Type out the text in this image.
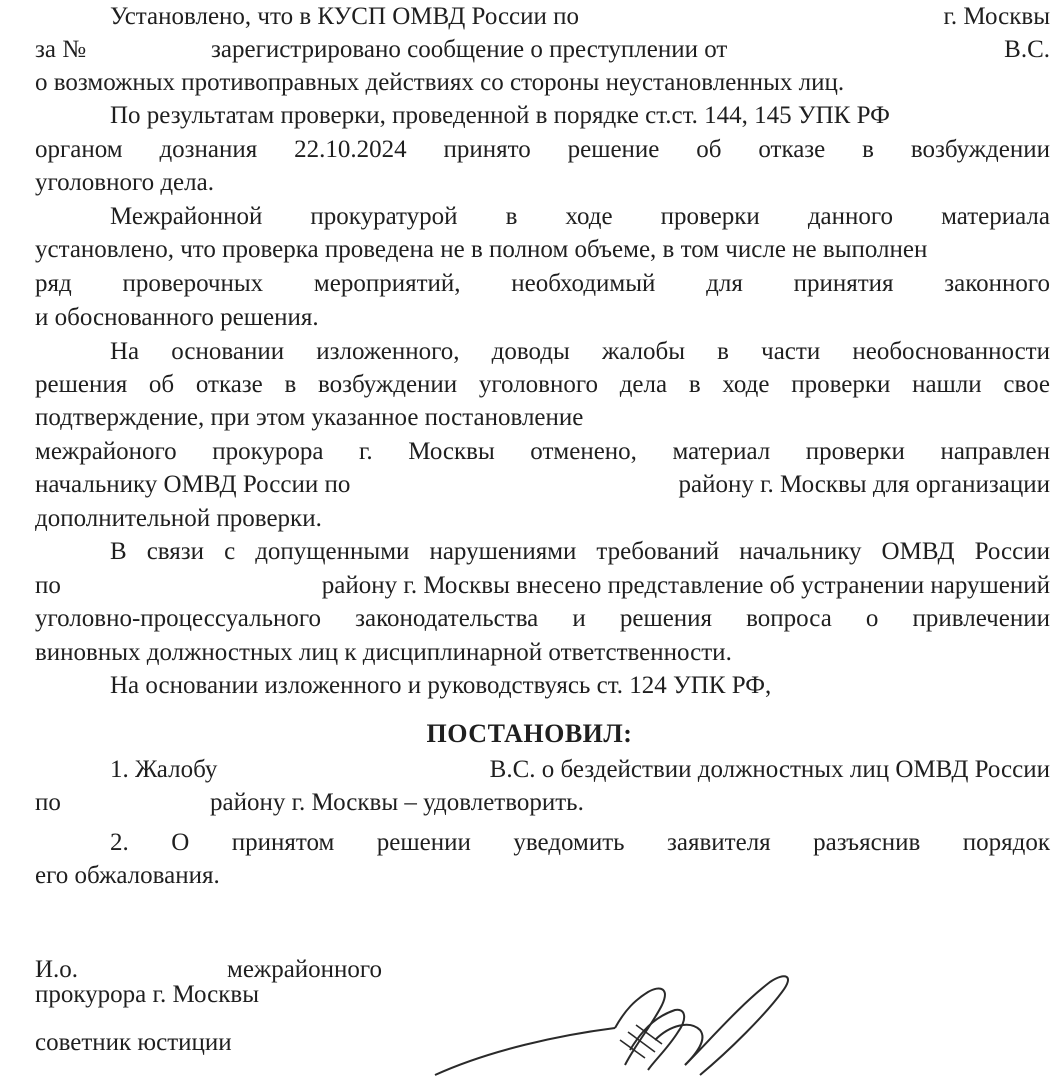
Установлено, что в КУСП ОМВД России по	г. Москвы
за №	зарегистрировано сообщение о преступлении от	В.С.
о возможных противоправных действиях со стороны неустановленных лиц.
По результатам проверки, проведенной в порядке ст.ст. 144, 145 УПК РФ
органом дознания 22.10.2024 принято решение об отказе в возбуждении
уголовного дела.
Межрайонной прокуратурой в ходе проверки данного материала
установлено, что проверка проведена не в полном объеме, в том числе не выполнен
ряд проверочных мероприятий, необходимый для принятия законного
и обоснованного решения.
На основании изложенного, доводы жалобы в части необоснованности
решения об отказе в возбуждении уголовного дела в ходе проверки нашли свое
подтверждение, при этом указанное постановление
межрайоного прокурора г. Москвы отменено, материал проверки направлен
начальнику ОМВД России по	району г. Москвы для организации
дополнительной проверки.
В связи с допущенными нарушениями требований начальнику ОМВД России
по	району г. Москвы внесено представление об устранении нарушений
уголовно-процессуального законодательства и решения вопроса о привлечении
виновных должностных лиц к дисциплинарной ответственности.
На основании изложенного и руководствуясь ст. 124 УПК РФ,
ПОСТАНОВИЛ:
1. Жалобу	В.С. о бездействии должностных лиц ОМВД России
по	району г. Москвы – удовлетворить.
2. О принятом решении уведомить заявителя разъяснив порядок
его обжалования.
И.о.	межрайонного
прокурора г. Москвы
советник юстиции
